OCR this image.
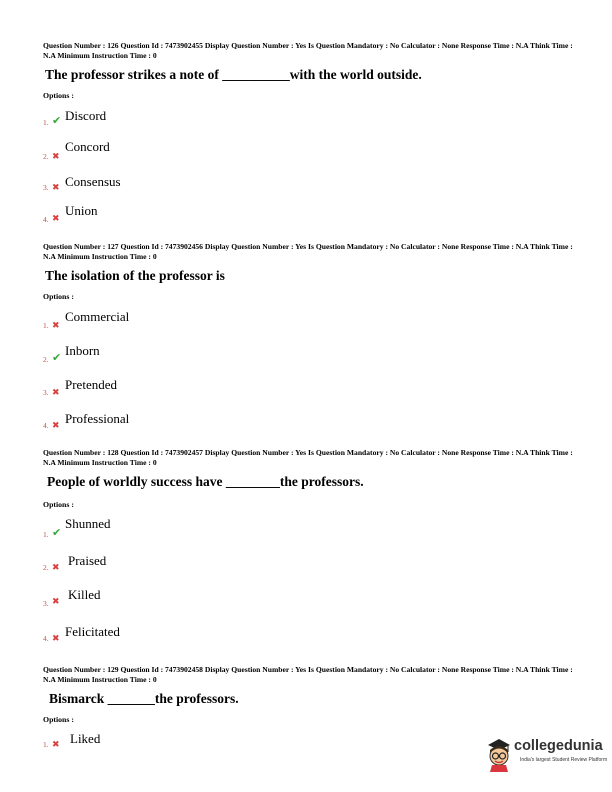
Question Number : 126 Question Id : 7473902455 Display Question Number : Yes Is Question Mandatory : No Calculator : None Response Time : N.A Think Time : N.A Minimum Instruction Time : 0
The professor strikes a note of __________with the world outside.
Options :
1. ✔ Discord
2. ✖
Concord
3. ✖ Consensus
4. ✖ Union
Question Number : 127 Question Id : 7473902456 Display Question Number : Yes Is Question Mandatory : No Calculator : None Response Time : N.A Think Time : N.A Minimum Instruction Time : 0
The isolation of the professor is
Options :
1. ✖
Commercial
2. ✔ Inborn
3. ✖ Pretended
4. ✖ Professional
Question Number : 128 Question Id : 7473902457 Display Question Number : Yes Is Question Mandatory : No Calculator : None Response Time : N.A Think Time : N.A Minimum Instruction Time : 0
People of worldly success have ________the professors.
Options :
1. ✔
Shunned
2. ✖ Praised
3. ✖ Killed
4. ✖ Felicitated
Question Number : 129 Question Id : 7473902458 Display Question Number : Yes Is Question Mandatory : No Calculator : None Response Time : N.A Think Time : N.A Minimum Instruction Time : 0
Bismarck _______the professors.
Options :
1. ✖ Liked	collegedunia
India's largest Student Review Platform
